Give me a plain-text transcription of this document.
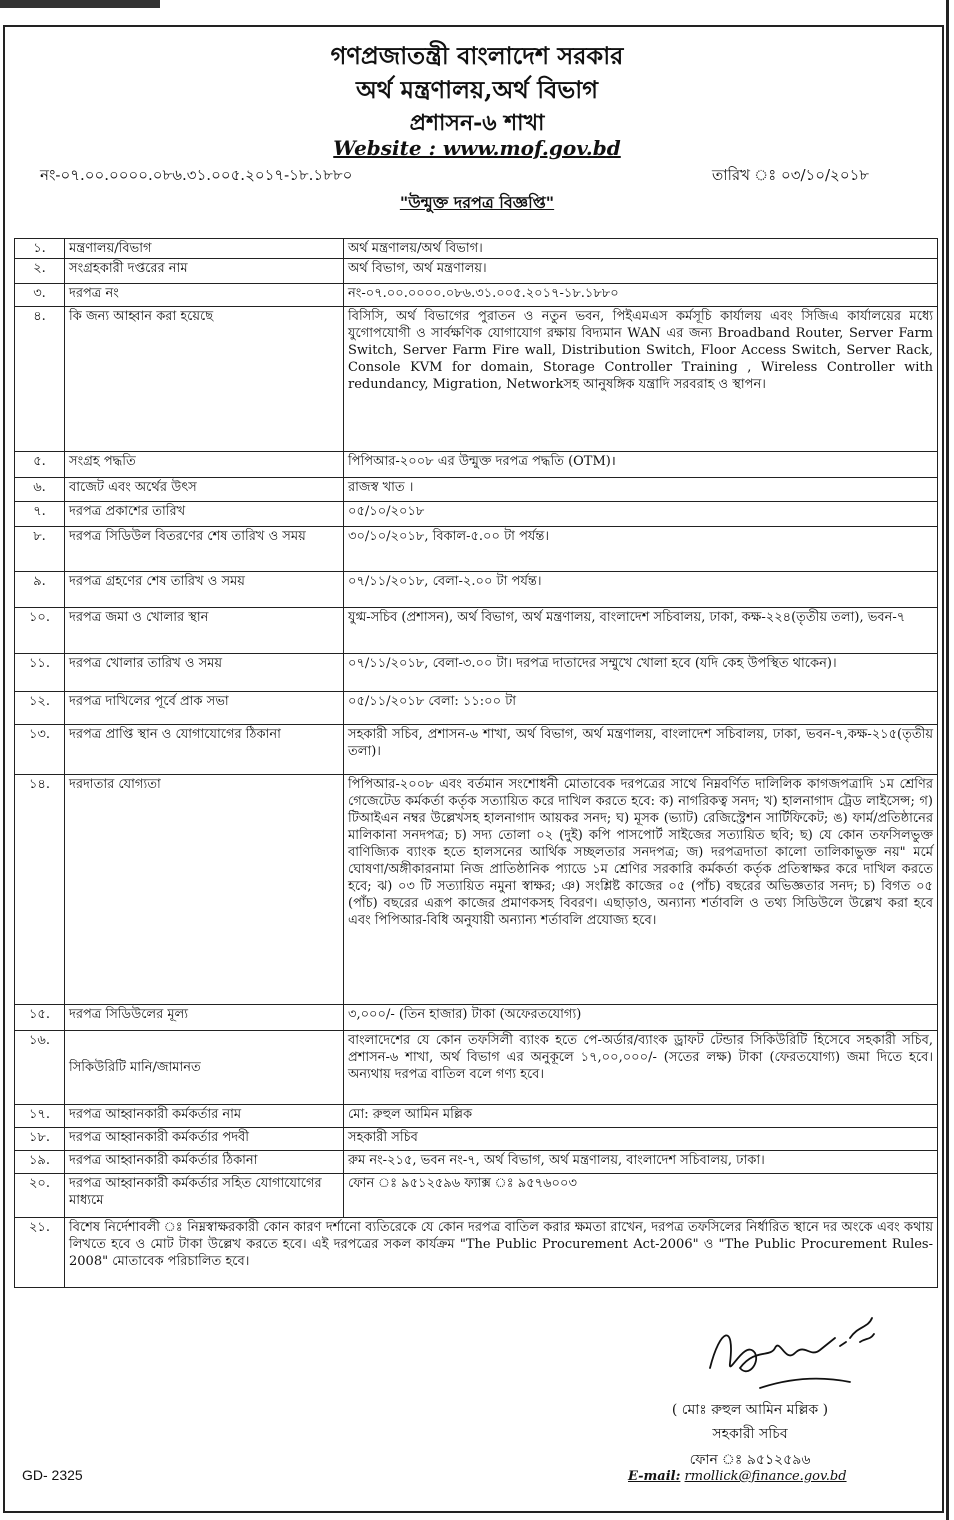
গণপ্রজাতন্ত্রী বাংলাদেশ সরকার
অর্থ মন্ত্রণালয়,অর্থ বিভাগ
প্রশাসন-৬ শাখা
Website : www.mof.gov.bd
নং-০৭.০০.০০০০.০৮৬.৩১.০০৫.২০১৭-১৮.১৮৮০	তারিখ ঃ ০৩/১০/২০১৮
"উন্মুক্ত দরপত্র বিজ্ঞপ্তি"
১.	মন্ত্রণালয়/বিভাগ	অর্থ মন্ত্রণালয়/অর্থ বিভাগ।
২.	সংগ্রহকারী দপ্তরের নাম	অর্থ বিভাগ, অর্থ মন্ত্রণালয়।
৩.	দরপত্র নং	নং-০৭.০০.০০০০.০৮৬.৩১.০০৫.২০১৭-১৮.১৮৮০
৪.	কি জন্য আহ্বান করা হয়েছে	বিসিসি, অর্থ বিভাগের পুরাতন ও নতুন ভবন, পিইএমএস কর্মসূচি কার্যালয় এবং সিজিএ কার্যালয়ের মধ্যে যুগোপযোগী ও সার্বক্ষণিক যোগাযোগ রক্ষায় বিদ্যমান WAN এর জন্য Broadband Router, Server Farm Switch, Server Farm Fire wall, Distribution Switch, Floor Access Switch, Server Rack, Console KVM for domain, Storage Controller Training , Wireless Controller with redundancy, Migration, Networkসহ আনুষঙ্গিক যন্ত্রাদি সরবরাহ ও স্থাপন।
৫.	সংগ্রহ পদ্ধতি	পিপিআর-২০০৮ এর উন্মুক্ত দরপত্র পদ্ধতি (OTM)।
৬.	বাজেট এবং অর্থের উৎস	রাজস্ব খাত ।
৭.	দরপত্র প্রকাশের তারিখ	০৫/১০/২০১৮
৮.	দরপত্র সিডিউল বিতরণের শেষ তারিখ ও সময়	৩০/১০/২০১৮, বিকাল-৫.০০ টা পর্যন্ত।
৯.	দরপত্র গ্রহণের শেষ তারিখ ও সময়	০৭/১১/২০১৮, বেলা-২.০০ টা পর্যন্ত।
১০.	দরপত্র জমা ও খোলার স্থান	যুগ্ম-সচিব (প্রশাসন), অর্থ বিভাগ, অর্থ মন্ত্রণালয়, বাংলাদেশ সচিবালয়, ঢাকা, কক্ষ-২২৪(তৃতীয় তলা), ভবন-৭
১১.	দরপত্র খোলার তারিখ ও সময়	০৭/১১/২০১৮, বেলা-৩.০০ টা। দরপত্র দাতাদের সম্মুখে খোলা হবে (যদি কেহ উপস্থিত থাকেন)।
১২.	দরপত্র দাখিলের পূর্বে প্রাক সভা	০৫/১১/২০১৮ বেলা: ১১:০০ টা
১৩.	দরপত্র প্রাপ্তি স্থান ও যোগাযোগের ঠিকানা	সহকারী সচিব, প্রশাসন-৬ শাখা, অর্থ বিভাগ, অর্থ মন্ত্রণালয়, বাংলাদেশ সচিবালয়, ঢাকা, ভবন-৭,কক্ষ-২১৫(তৃতীয় তলা)।
১৪.	দরদাতার যোগ্যতা	পিপিআর-২০০৮ এবং বর্তমান সংশোধনী মোতাবেক দরপত্রের সাথে নিম্নবর্ণিত দালিলিক কাগজপত্রাদি ১ম শ্রেণির গেজেটেড কর্মকর্তা কর্তৃক সত্যায়িত করে দাখিল করতে হবে: ক) নাগরিকত্ব সনদ; খ) হালনাগাদ ট্রেড লাইসেন্স; গ) টিআইএন নম্বর উল্লেখসহ হালনাগাদ আয়কর সনদ; ঘ) মূসক (ভ্যাট) রেজিস্ট্রেশন সার্টিফিকেট; ঙ) ফার্ম/প্রতিষ্ঠানের মালিকানা সনদপত্র; চ) সদ্য তোলা ০২ (দুই) কপি পাসপোর্ট সাইজের সত্যায়িত ছবি; ছ) যে কোন তফসিলভুক্ত বাণিজ্যিক ব্যাংক হতে হালসনের আর্থিক সচ্ছলতার সনদপত্র; জ) দরপত্রদাতা কালো তালিকাভুক্ত নয়" মর্মে ঘোষণা/অঙ্গীকারনামা নিজ প্রাতিষ্ঠানিক প্যাডে ১ম শ্রেণির সরকারি কর্মকর্তা কর্তৃক প্রতিস্বাক্ষর করে দাখিল করতে হবে; ঝ) ০৩ টি সত্যায়িত নমুনা স্বাক্ষর; ঞ) সংশ্লিষ্ট কাজের ০৫ (পাঁচ) বছরের অভিজ্ঞতার সনদ; চ) বিগত ০৫ (পাঁচ) বছরের এরূপ কাজের প্রমাণকসহ বিবরণ। এছাড়াও, অন্যান্য শর্তাবলি ও তথ্য সিডিউলে উল্লেখ করা হবে এবং পিপিআর-বিধি অনুযায়ী অন্যান্য শর্তাবলি প্রযোজ্য হবে।
১৫.	দরপত্র সিডিউলের মূল্য	৩,০০০/- (তিন হাজার) টাকা (অফেরতযোগ্য)
১৬.	সিকিউরিটি মানি/জামানত	বাংলাদেশের যে কোন তফসিলী ব্যাংক হতে পে-অর্ডার/ব্যাংক ড্রাফট টেন্ডার সিকিউরিটি হিসেবে সহকারী সচিব, প্রশাসন-৬ শাখা, অর্থ বিভাগ এর অনুকূলে ১৭,০০,০০০/- (সতের লক্ষ) টাকা (ফেরতযোগ্য) জমা দিতে হবে। অন্যথায় দরপত্র বাতিল বলে গণ্য হবে।
১৭.	দরপত্র আহ্বানকারী কর্মকর্তার নাম	মো: রুহুল আমিন মল্লিক
১৮.	দরপত্র আহ্বানকারী কর্মকর্তার পদবী	সহকারী সচিব
১৯.	দরপত্র আহ্বানকারী কর্মকর্তার ঠিকানা	রুম নং-২১৫, ভবন নং-৭, অর্থ বিভাগ, অর্থ মন্ত্রণালয়, বাংলাদেশ সচিবালয়, ঢাকা।
২০.	দরপত্র আহ্বানকারী কর্মকর্তার সহিত যোগাযোগের মাধ্যমে	ফোন ঃ ৯৫১২৫৯৬ ফ্যাক্স ঃ ৯৫৭৬০০৩
২১.	বিশেষ নির্দেশাবলী ঃ নিম্নস্বাক্ষরকারী কোন কারণ দর্শানো ব্যতিরেকে যে কোন দরপত্র বাতিল করার ক্ষমতা রাখেন, দরপত্র তফসিলের নির্ধারিত স্থানে দর অংকে এবং কথায় লিখতে হবে ও মোট টাকা উল্লেখ করতে হবে। এই দরপত্রের সকল কার্যক্রম "The Public Procurement Act-2006" ও "The Public Procurement Rules-2008" মোতাবেক পরিচালিত হবে।	
( মোঃ রুহুল আমিন মল্লিক )
সহকারী সচিব
ফোন ঃ ৯৫১২৫৯৬
E-mail: rmollick@finance.gov.bd
GD- 2325
